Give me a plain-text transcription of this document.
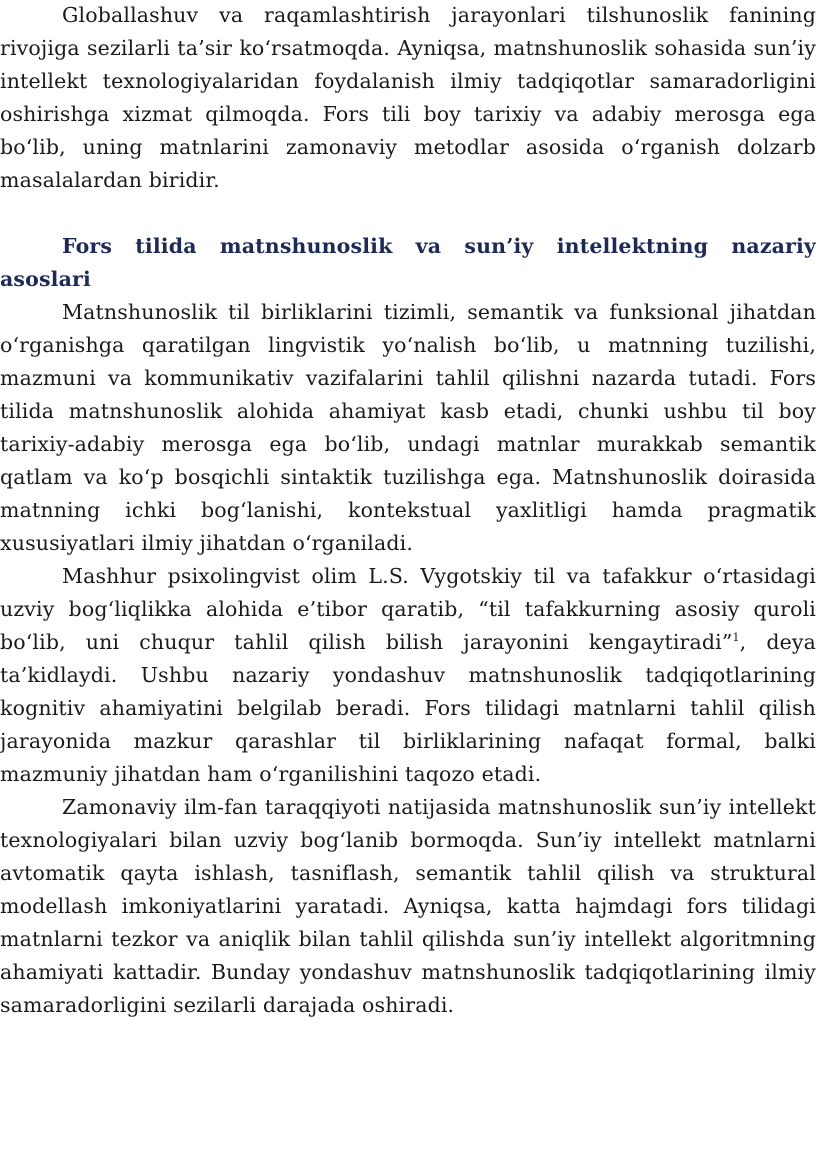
Globallashuv va raqamlashtirish jarayonlari tilshunoslik fanining rivojiga sezilarli ta’sir ko‘rsatmoqda. Ayniqsa, matnshunoslik sohasida sun’iy intellekt texnologiyalaridan foydalanish ilmiy tadqiqotlar samaradorligini oshirishga xizmat qilmoqda. Fors tili boy tarixiy va adabiy merosga ega bo‘lib, uning matnlarini zamonaviy metodlar asosida o‘rganish dolzarb masalalardan biridir.

Fors tilida matnshunoslik va sun’iy intellektning nazariy asoslari

Matnshunoslik til birliklarini tizimli, semantik va funksional jihatdan o‘rganishga qaratilgan lingvistik yo‘nalish bo‘lib, u matnning tuzilishi, mazmuni va kommunikativ vazifalarini tahlil qilishni nazarda tutadi. Fors tilida matnshunoslik alohida ahamiyat kasb etadi, chunki ushbu til boy tarixiy-adabiy merosga ega bo‘lib, undagi matnlar murakkab semantik qatlam va ko‘p bosqichli sintaktik tuzilishga ega. Matnshunoslik doirasida matnning ichki bog‘lanishi, kontekstual yaxlitligi hamda pragmatik xususiyatlari ilmiy jihatdan o‘rganiladi.

Mashhur psixolingvist olim L.S. Vygotskiy til va tafakkur o‘rtasidagi uzviy bog‘liqlikka alohida e’tibor qaratib, “til tafakkurning asosiy quroli bo‘lib, uni chuqur tahlil qilish bilish jarayonini kengaytiradi”$^1$, deya ta’kidlaydi. Ushbu nazariy yondashuv matnshunoslik tadqiqotlarining kognitiv ahamiyatini belgilab beradi. Fors tilidagi matnlarni tahlil qilish jarayonida mazkur qarashlar til birliklarining nafaqat formal, balki mazmuniy jihatdan ham o‘rganilishini taqozo etadi.

Zamonaviy ilm-fan taraqqiyoti natijasida matnshunoslik sun’iy intellekt texnologiyalari bilan uzviy bog‘lanib bormoqda. Sun’iy intellekt matnlarni avtomatik qayta ishlash, tasniflash, semantik tahlil qilish va struktural modellash imkoniyatlarini yaratadi. Ayniqsa, katta hajmdagi fors tilidagi matnlarni tezkor va aniqlik bilan tahlil qilishda sun’iy intellekt algoritmning ahamiyati kattadir. Bunday yondashuv matnshunoslik tadqiqotlarining ilmiy samaradorligini sezilarli darajada oshiradi.
